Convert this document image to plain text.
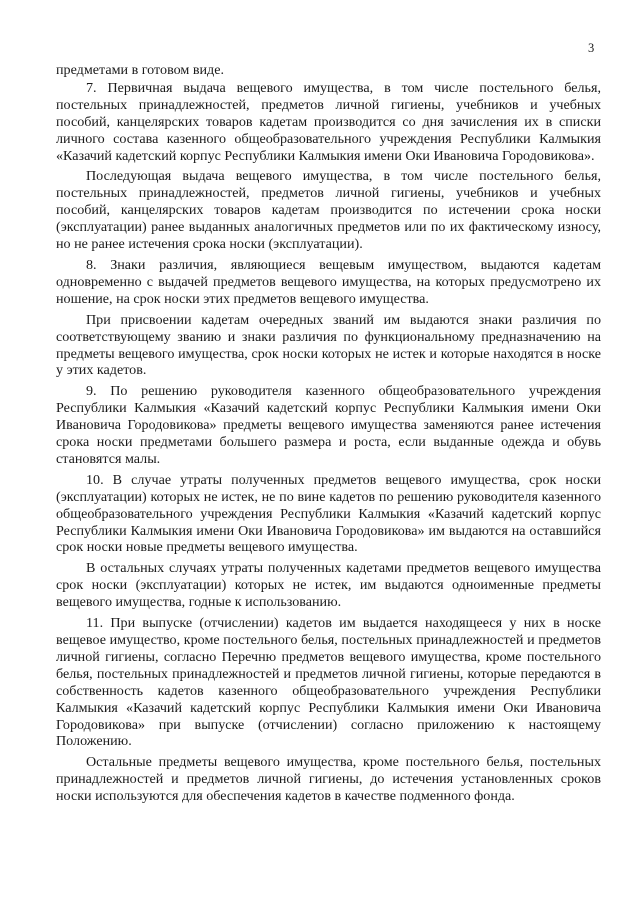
3

предметами в готовом виде.

7. Первичная выдача вещевого имущества, в том числе постельного белья, постельных принадлежностей, предметов личной гигиены, учебников и учебных пособий, канцелярских товаров кадетам производится со дня зачисления их в списки личного состава казенного общеобразовательного учреждения Республики Калмыкия «Казачий кадетский корпус Республики Калмыкия имени Оки Ивановича Городовикова».

Последующая выдача вещевого имущества, в том числе постельного белья, постельных принадлежностей, предметов личной гигиены, учебников и учебных пособий, канцелярских товаров кадетам производится по истечении срока носки (эксплуатации) ранее выданных аналогичных предметов или по их фактическому износу, но не ранее истечения срока носки (эксплуатации).

8. Знаки различия, являющиеся вещевым имуществом, выдаются кадетам одновременно с выдачей предметов вещевого имущества, на которых предусмотрено их ношение, на срок носки этих предметов вещевого имущества.

При присвоении кадетам очередных званий им выдаются знаки различия по соответствующему званию и знаки различия по функциональному предназначению на предметы вещевого имущества, срок носки которых не истек и которые находятся в носке у этих кадетов.

9. По решению руководителя казенного общеобразовательного учреждения Республики Калмыкия «Казачий кадетский корпус Республики Калмыкия имени Оки Ивановича Городовикова» предметы вещевого имущества заменяются ранее истечения срока носки предметами большего размера и роста, если выданные одежда и обувь становятся малы.

10. В случае утраты полученных предметов вещевого имущества, срок носки (эксплуатации) которых не истек, не по вине кадетов по решению руководителя казенного общеобразовательного учреждения Республики Калмыкия «Казачий кадетский корпус Республики Калмыкия имени Оки Ивановича Городовикова» им выдаются на оставшийся срок носки новые предметы вещевого имущества.

В остальных случаях утраты полученных кадетами предметов вещевого имущества срок носки (эксплуатации) которых не истек, им выдаются одноименные предметы вещевого имущества, годные к использованию.

11. При выпуске (отчислении) кадетов им выдается находящееся у них в носке вещевое имущество, кроме постельного белья, постельных принадлежностей и предметов личной гигиены, согласно Перечню предметов вещевого имущества, кроме постельного белья, постельных принадлежностей и предметов личной гигиены, которые передаются в собственность кадетов казенного общеобразовательного учреждения Республики Калмыкия «Казачий кадетский корпус Республики Калмыкия имени Оки Ивановича Городовикова» при выпуске (отчислении) согласно приложению к настоящему Положению.

Остальные предметы вещевого имущества, кроме постельного белья, постельных принадлежностей и предметов личной гигиены, до истечения установленных сроков носки используются для обеспечения кадетов в качестве подменного фонда.
